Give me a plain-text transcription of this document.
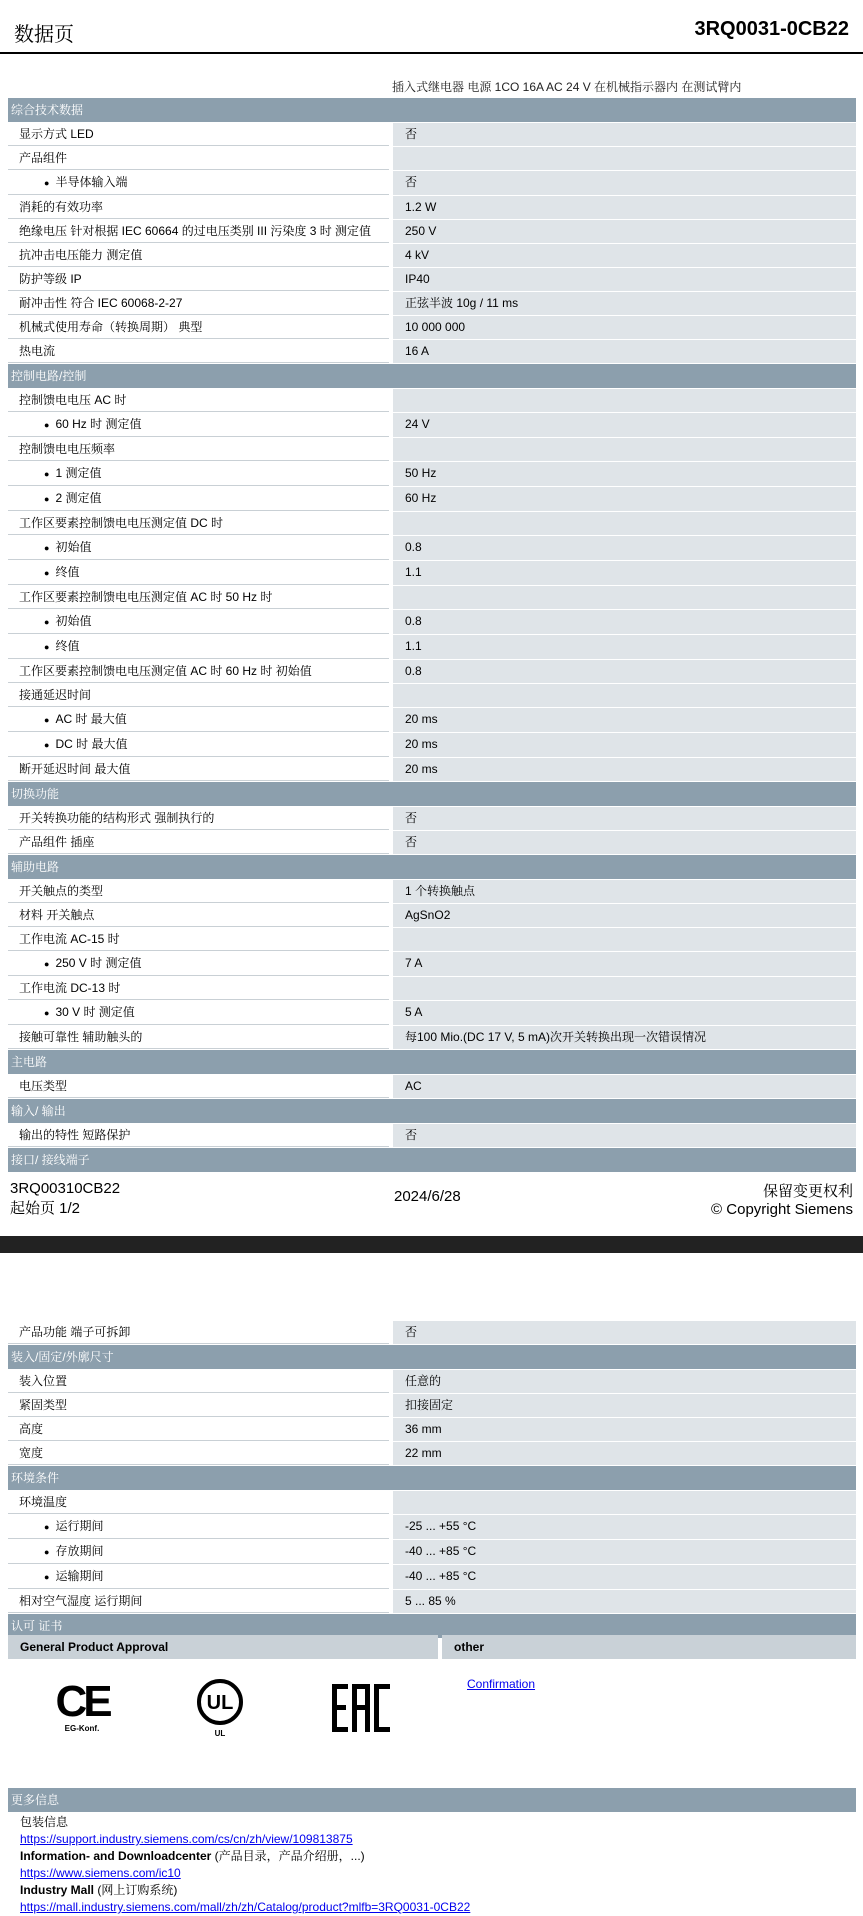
数据页	3RQ0031-0CB22
插入式继电器 电源 1CO 16A AC 24 V 在机械指示器内 在测试臂内
综合技术数据
显示方式 LED	否
产品组件
● 半导体输入端	否
消耗的有效功率	1.2 W
绝缘电压 针对根据 IEC 60664 的过电压类别 III 污染度 3 时 测定值	250 V
抗冲击电压能力 测定值	4 kV
防护等级 IP	IP40
耐冲击性 符合 IEC 60068-2-27	正弦半波 10g / 11 ms
机械式使用寿命（转换周期） 典型	10 000 000
热电流	16 A
控制电路/控制
控制馈电电压 AC 时
● 60 Hz 时 测定值	24 V
控制馈电电压频率
● 1 测定值	50 Hz
● 2 测定值	60 Hz
工作区要素控制馈电电压测定值 DC 时
● 初始值	0.8
● 终值	1.1
工作区要素控制馈电电压测定值 AC 时 50 Hz 时
● 初始值	0.8
● 终值	1.1
工作区要素控制馈电电压测定值 AC 时 60 Hz 时 初始值	0.8
接通延迟时间
● AC 时 最大值	20 ms
● DC 时 最大值	20 ms
断开延迟时间 最大值	20 ms
切换功能
开关转换功能的结构形式 强制执行的	否
产品组件 插座	否
辅助电路
开关触点的类型	1 个转换触点
材料 开关触点	AgSnO2
工作电流 AC-15 时
● 250 V 时 测定值	7 A
工作电流 DC-13 时
● 30 V 时 测定值	5 A
接触可靠性 辅助触头的	每100 Mio.(DC 17 V, 5 mA)次开关转换出现一次错误情况
主电路
电压类型	AC
输入/ 输出
输出的特性 短路保护	否
接口/ 接线端子
3RQ00310CB22
起始页 1/2
2024/6/28	保留变更权利
© Copyright Siemens
产品功能 端子可拆卸	否
装入/固定/外廓尺寸
装入位置	任意的
紧固类型	扣接固定
高度	36 mm
宽度	22 mm
环境条件
环境温度
● 运行期间	-25 ... +55 °C
● 存放期间	-40 ... +85 °C
● 运输期间	-40 ... +85 °C
相对空气湿度 运行期间	5 ... 85 %
认可 证书
General Product Approval	other
CE
EG-Konf.
UL
UL
Confirmation
更多信息
包装信息
https://support.industry.siemens.com/cs/cn/zh/view/109813875
Information- and Downloadcenter (产品目录，产品介绍册，...)
https://www.siemens.com/ic10
Industry Mall (网上订购系统)
https://mall.industry.siemens.com/mall/zh/zh/Catalog/product?mlfb=3RQ0031-0CB22
